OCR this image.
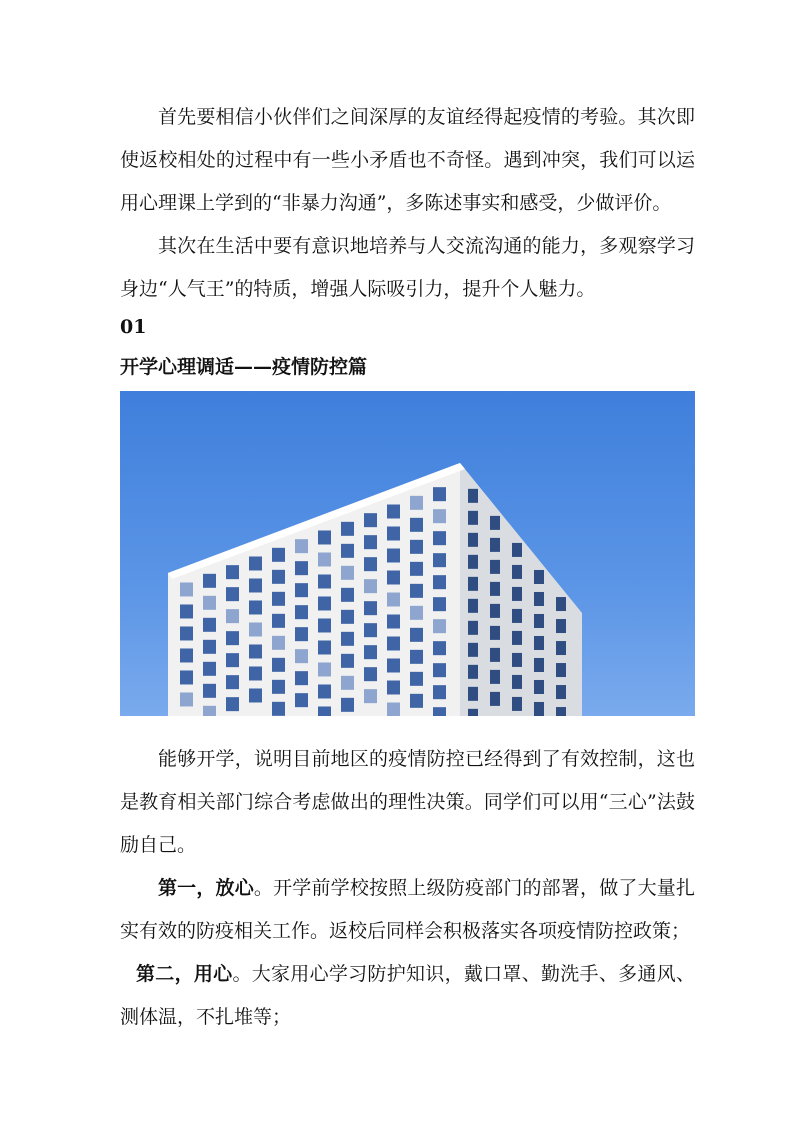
首先要相信小伙伴们之间深厚的友谊经得起疫情的考验。其次即使返校相处的过程中有一些小矛盾也不奇怪。遇到冲突，我们可以运用心理课上学到的“非暴力沟通”，多陈述事实和感受，少做评价。

其次在生活中要有意识地培养与人交流沟通的能力，多观察学习身边“人气王”的特质，增强人际吸引力，提升个人魅力。

01

开学心理调适——疫情防控篇

能够开学，说明目前地区的疫情防控已经得到了有效控制，这也是教育相关部门综合考虑做出的理性决策。同学们可以用“三心”法鼓励自己。

第一，放心。开学前学校按照上级防疫部门的部署，做了大量扎实有效的防疫相关工作。返校后同样会积极落实各项疫情防控政策；

第二，用心。大家用心学习防护知识，戴口罩、勤洗手、多通风、测体温，不扎堆等；
